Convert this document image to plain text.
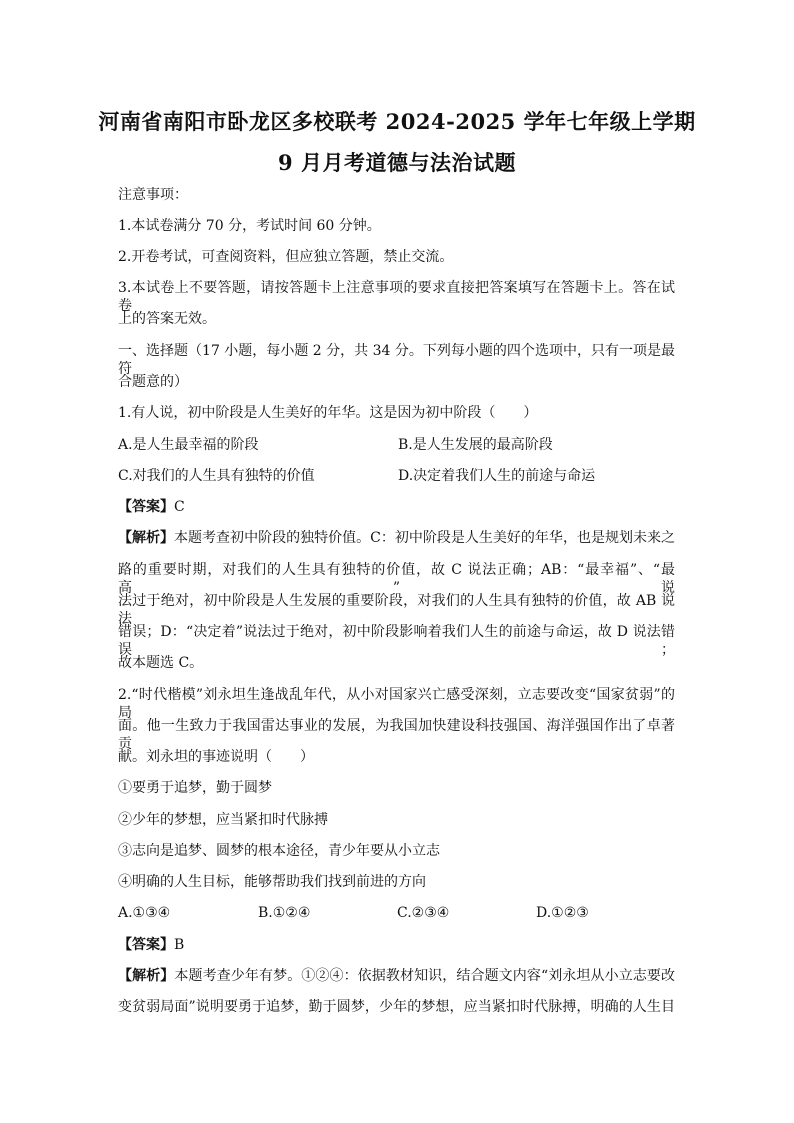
河南省南阳市卧龙区多校联考 2024-2025 学年七年级上学期
9 月月考道德与法治试题
注意事项：
1.本试卷满分 70 分，考试时间 60 分钟。
2.开卷考试，可查阅资料，但应独立答题，禁止交流。
3.本试卷上不要答题，请按答题卡上注意事项的要求直接把答案填写在答题卡上。答在试卷
上的答案无效。
一、选择题（17 小题，每小题 2 分，共 34 分。下列每小题的四个选项中，只有一项是最符
合题意的）
1.有人说，初中阶段是人生美好的年华。这是因为初中阶段（　　）
A.是人生最幸福的阶段	B.是人生发展的最高阶段
C.对我们的人生具有独特的价值	D.决定着我们人生的前途与命运
【答案】C
【解析】本题考查初中阶段的独特价值。C：初中阶段是人生美好的年华，也是规划未来之
路的重要时期，对我们的人生具有独特的价值，故 C 说法正确；AB：“最幸福”、“最高”说
法过于绝对，初中阶段是人生发展的重要阶段，对我们的人生具有独特的价值，故 AB 说法
错误；D：“决定着”说法过于绝对，初中阶段影响着我们人生的前途与命运，故 D 说法错误；
故本题选 C。
2.“时代楷模”刘永坦生逢战乱年代，从小对国家兴亡感受深刻，立志要改变“国家贫弱”的局
面。他一生致力于我国雷达事业的发展，为我国加快建设科技强国、海洋强国作出了卓著贡
献。刘永坦的事迹说明（　　）
①要勇于追梦，勤于圆梦
②少年的梦想，应当紧扣时代脉搏
③志向是追梦、圆梦的根本途径，青少年要从小立志
④明确的人生目标，能够帮助我们找到前进的方向
A.①③④	B.①②④	C.②③④	D.①②③
【答案】B
【解析】本题考查少年有梦。①②④：依据教材知识，结合题文内容“刘永坦从小立志要改
变贫弱局面”说明要勇于追梦，勤于圆梦，少年的梦想，应当紧扣时代脉搏，明确的人生目
